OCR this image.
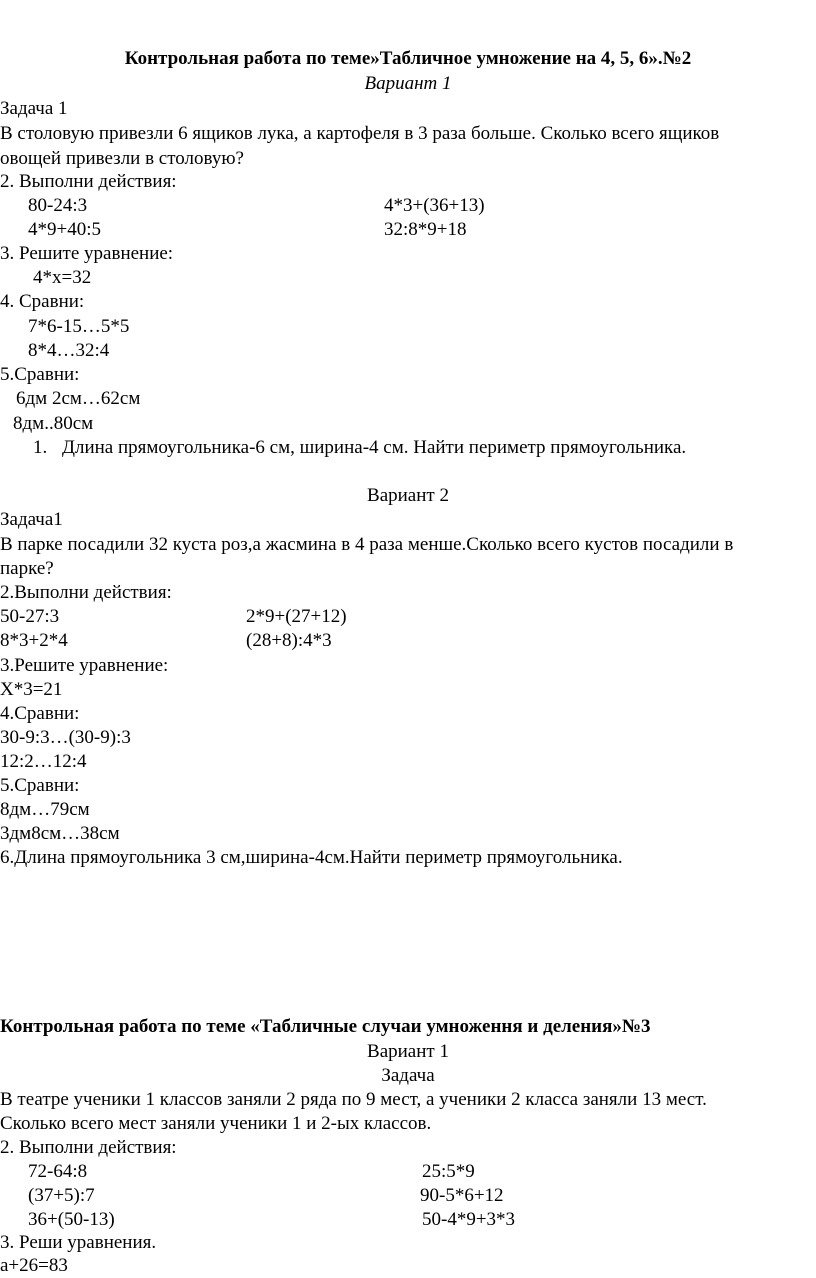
Контрольная работа по теме»Табличное умножение на 4, 5, 6».№2
Вариант 1
Задача 1
В столовую привезли 6 ящиков лука, а картофеля в 3 раза больше. Сколько всего ящиков
овощей привезли в столовую?
2. Выполни действия:
80-24:3	4*3+(36+13)
4*9+40:5	32:8*9+18
3. Решите уравнение:
4*х=32
4. Сравни:
7*6-15…5*5
8*4…32:4
5.Сравни:
6дм 2см…62см
8дм..80см
1. Длина прямоугольника-6 см, ширина-4 см. Найти периметр прямоугольника.
Вариант 2
Задача1
В парке посадили 32 куста роз,а жасмина в 4 раза менше.Сколько всего кустов посадили в
парке?
2.Выполни действия:
50-27:3	2*9+(27+12)
8*3+2*4	(28+8):4*3
3.Решите уравнение:
Х*3=21
4.Сравни:
30-9:3…(30-9):3
12:2…12:4
5.Сравни:
8дм…79см
3дм8см…38см
6.Длина прямоугольника 3 см,ширина-4см.Найти периметр прямоугольника.
Контрольная работа по теме «Табличные случаи умноження и деления»№3
Вариант 1
Задача
В театре ученики 1 классов заняли 2 ряда по 9 мест, а ученики 2 класса заняли 13 мест.
Сколько всего мест заняли ученики 1 и 2-ых классов.
2. Выполни действия:
72-64:8	25:5*9
(37+5):7	90-5*6+12
36+(50-13)	50-4*9+3*3
3. Реши уравнения.
а+26=83
